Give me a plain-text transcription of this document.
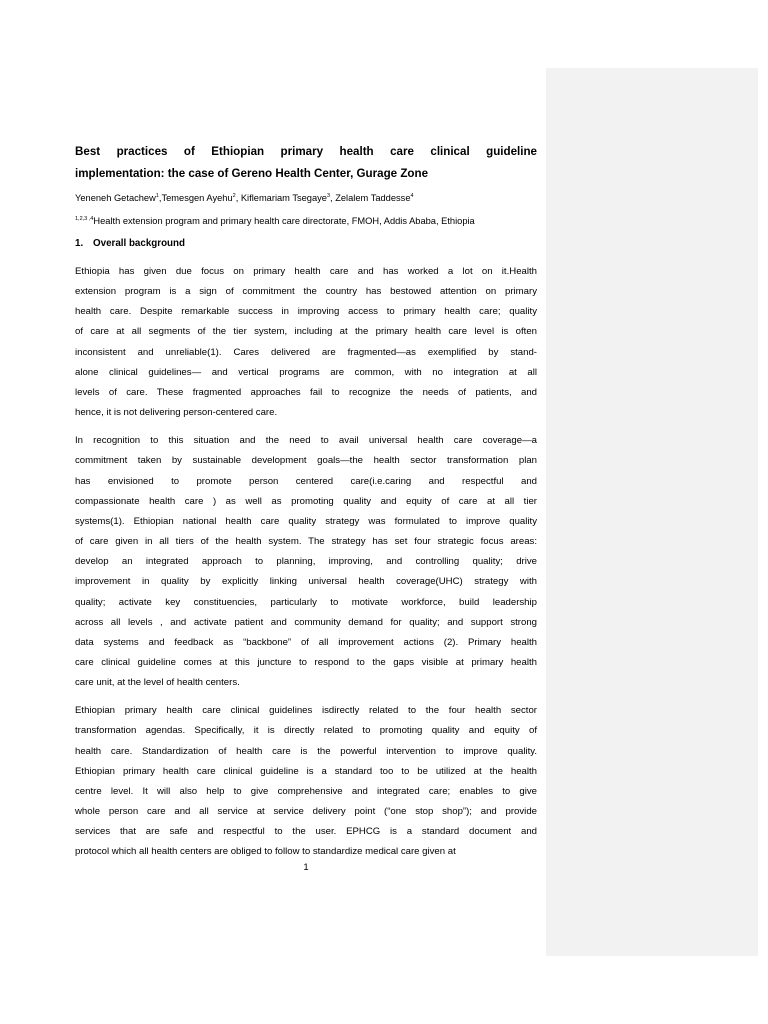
Best practices of Ethiopian primary health care clinical guideline
implementation: the case of Gereno Health Center, Gurage Zone
Yeneneh Getachew$^1$,Temesgen Ayehu$^2$, Kiflemariam Tsegaye$^3$, Zelalem Taddesse$^4$
$^{1,2,3 ,4}$Health extension program and primary health care directorate, FMOH, Addis Ababa, Ethiopia
1. Overall background
Ethiopia has given due focus on primary health care and has worked a lot on it.Health
extension program is a sign of commitment the country has bestowed attention on primary
health care. Despite remarkable success in improving access to primary health care; quality
of care at all segments of the tier system, including at the primary health care level is often
inconsistent and unreliable(1). Cares delivered are fragmented—as exemplified by stand-
alone clinical guidelines— and vertical programs are common, with no integration at all
levels of care. These fragmented approaches fail to recognize the needs of patients, and
hence, it is not delivering person-centered care.
In recognition to this situation and the need to avail universal health care coverage—a
commitment taken by sustainable development goals—the health sector transformation plan
has envisioned to promote person centered care(i.e.caring and respectful and
compassionate health care ) as well as promoting quality and equity of care at all tier
systems(1). Ethiopian national health care quality strategy was formulated to improve quality
of care given in all tiers of the health system. The strategy has set four strategic focus areas:
develop an integrated approach to planning, improving, and controlling quality; drive
improvement in quality by explicitly linking universal health coverage(UHC) strategy with
quality; activate key constituencies, particularly to motivate workforce, build leadership
across all levels , and activate patient and community demand for quality; and support strong
data systems and feedback as “backbone” of all improvement actions (2). Primary health
care clinical guideline comes at this juncture to respond to the gaps visible at primary health
care unit, at the level of health centers.
Ethiopian primary health care clinical guidelines isdirectly related to the four health sector
transformation agendas. Specifically, it is directly related to promoting quality and equity of
health care. Standardization of health care is the powerful intervention to improve quality.
Ethiopian primary health care clinical guideline is a standard too to be utilized at the health
centre level. It will also help to give comprehensive and integrated care; enables to give
whole person care and all service at service delivery point (“one stop shop”); and provide
services that are safe and respectful to the user. EPHCG is a standard document and
protocol which all health centers are obliged to follow to standardize medical care given at
1
